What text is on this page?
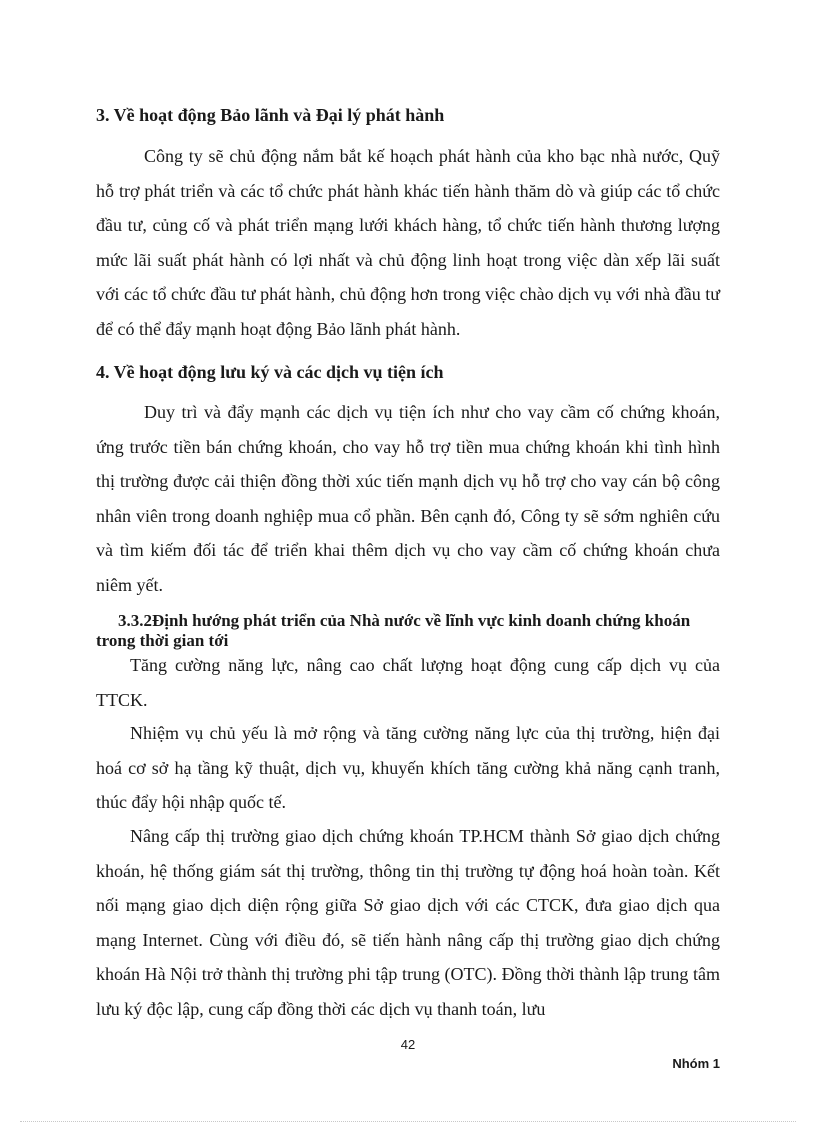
3. Về hoạt động Bảo lãnh và Đại lý phát hành

Công ty sẽ chủ động nắm bắt kế hoạch phát hành của kho bạc nhà nước, Quỹ hỗ trợ phát triển và các tổ chức phát hành khác tiến hành thăm dò và giúp các tổ chức đầu tư, củng cố và phát triển mạng lưới khách hàng, tổ chức tiến hành thương lượng mức lãi suất phát hành có lợi nhất và chủ động linh hoạt trong việc dàn xếp lãi suất với các tổ chức đầu tư phát hành, chủ động hơn trong việc chào dịch vụ với nhà đầu tư để có thể đẩy mạnh hoạt động Bảo lãnh phát hành.

4. Về hoạt động lưu ký và các dịch vụ tiện ích

Duy trì và đẩy mạnh các dịch vụ tiện ích như cho vay cầm cố chứng khoán, ứng trước tiền bán chứng khoán, cho vay hỗ trợ tiền mua chứng khoán khi tình hình thị trường được cải thiện đồng thời xúc tiến mạnh dịch vụ hỗ trợ cho vay cán bộ công nhân viên trong doanh nghiệp mua cổ phần. Bên cạnh đó, Công ty sẽ sớm nghiên cứu và tìm kiếm đối tác để triển khai thêm dịch vụ cho vay cầm cố chứng khoán chưa niêm yết.

3.3.2Định hướng phát triển của Nhà nước về lĩnh vực kinh doanh chứng khoán trong thời gian tới

Tăng cường năng lực, nâng cao chất lượng hoạt động cung cấp dịch vụ của TTCK.

Nhiệm vụ chủ yếu là mở rộng và tăng cường năng lực của thị trường, hiện đại hoá cơ sở hạ tầng kỹ thuật, dịch vụ, khuyến khích tăng cường khả năng cạnh tranh, thúc đẩy hội nhập quốc tế.

Nâng cấp thị trường giao dịch chứng khoán TP.HCM thành Sở giao dịch chứng khoán, hệ thống giám sát thị trường, thông tin thị trường tự động hoá hoàn toàn. Kết nối mạng giao dịch diện rộng giữa Sở giao dịch với các CTCK, đưa giao dịch qua mạng Internet. Cùng với điều đó, sẽ tiến hành nâng cấp thị trường giao dịch chứng khoán Hà Nội trở thành thị trường phi tập trung (OTC). Đồng thời thành lập trung tâm lưu ký độc lập, cung cấp đồng thời các dịch vụ thanh toán, lưu

42
Nhóm 1
